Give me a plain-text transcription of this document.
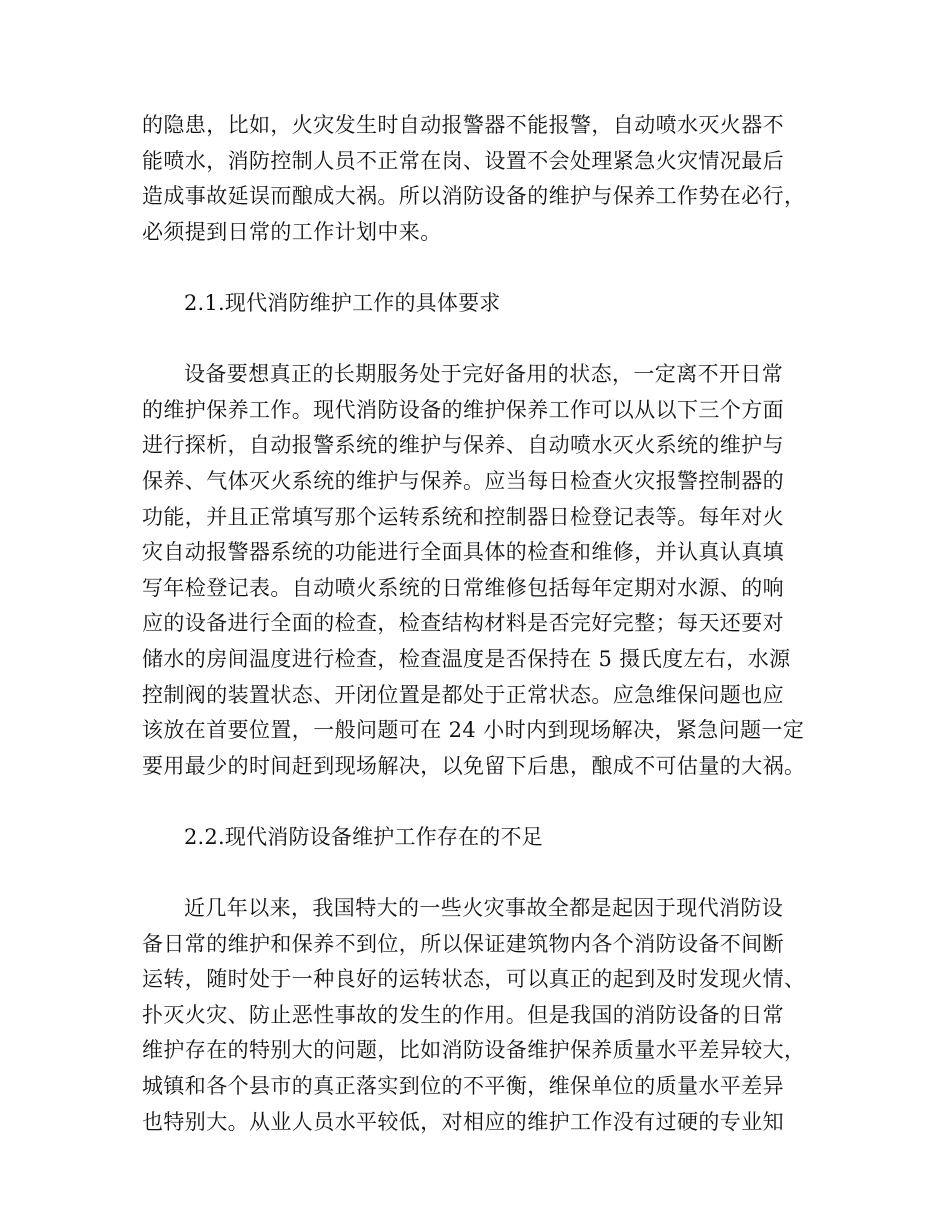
的隐患，比如，火灾发生时自动报警器不能报警，自动喷水灭火器不
能喷水，消防控制人员不正常在岗、设置不会处理紧急火灾情况最后
造成事故延误而酿成大祸。所以消防设备的维护与保养工作势在必行，
必须提到日常的工作计划中来。
2.1.现代消防维护工作的具体要求
设备要想真正的长期服务处于完好备用的状态，一定离不开日常
的维护保养工作。现代消防设备的维护保养工作可以从以下三个方面
进行探析，自动报警系统的维护与保养、自动喷水灭火系统的维护与
保养、气体灭火系统的维护与保养。应当每日检查火灾报警控制器的
功能，并且正常填写那个运转系统和控制器日检登记表等。每年对火
灾自动报警器系统的功能进行全面具体的检查和维修，并认真认真填
写年检登记表。自动喷火系统的日常维修包括每年定期对水源、的响
应的设备进行全面的检查，检查结构材料是否完好完整；每天还要对
储水的房间温度进行检查，检查温度是否保持在 5 摄氏度左右，水源
控制阀的装置状态、开闭位置是都处于正常状态。应急维保问题也应
该放在首要位置，一般问题可在 24 小时内到现场解决，紧急问题一定
要用最少的时间赶到现场解决，以免留下后患，酿成不可估量的大祸。
2.2.现代消防设备维护工作存在的不足
近几年以来，我国特大的一些火灾事故全都是起因于现代消防设
备日常的维护和保养不到位，所以保证建筑物内各个消防设备不间断
运转，随时处于一种良好的运转状态，可以真正的起到及时发现火情、
扑灭火灾、防止恶性事故的发生的作用。但是我国的消防设备的日常
维护存在的特别大的问题，比如消防设备维护保养质量水平差异较大，
城镇和各个县市的真正落实到位的不平衡，维保单位的质量水平差异
也特别大。从业人员水平较低，对相应的维护工作没有过硬的专业知
